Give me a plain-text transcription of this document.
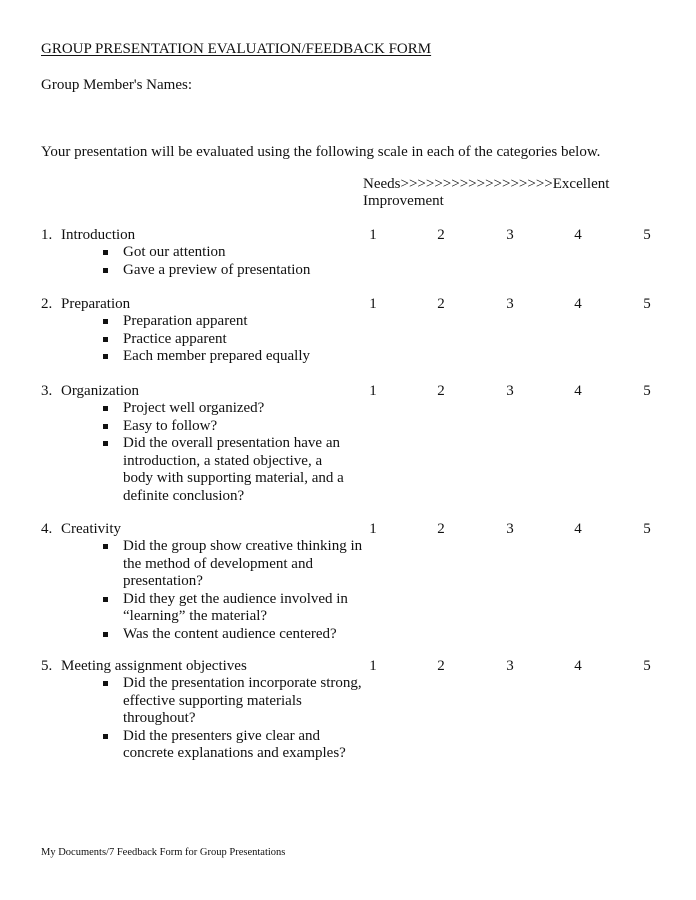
GROUP PRESENTATION EVALUATION/FEEDBACK FORM
Group Member's Names:
Your presentation will be evaluated using the following scale in each of the categories below.
Needs>>>>>>>>>>>>>>>>>>Excellent
Improvement
1. Introduction	1	2	3	4	5
Got our attention
Gave a preview of presentation
2. Preparation	1	2	3	4	5
Preparation apparent
Practice apparent
Each member prepared equally
3. Organization	1	2	3	4	5
Project well organized?
Easy to follow?
Did the overall presentation have an introduction, a stated objective, a body with supporting material, and a definite conclusion?
4. Creativity	1	2	3	4	5
Did the group show creative thinking in the method of development and presentation?
Did they get the audience involved in “learning” the material?
Was the content audience centered?
5. Meeting assignment objectives	1	2	3	4	5
Did the presentation incorporate strong, effective supporting materials throughout?
Did the presenters give clear and concrete explanations and examples?
My Documents/7 Feedback Form for Group Presentations
